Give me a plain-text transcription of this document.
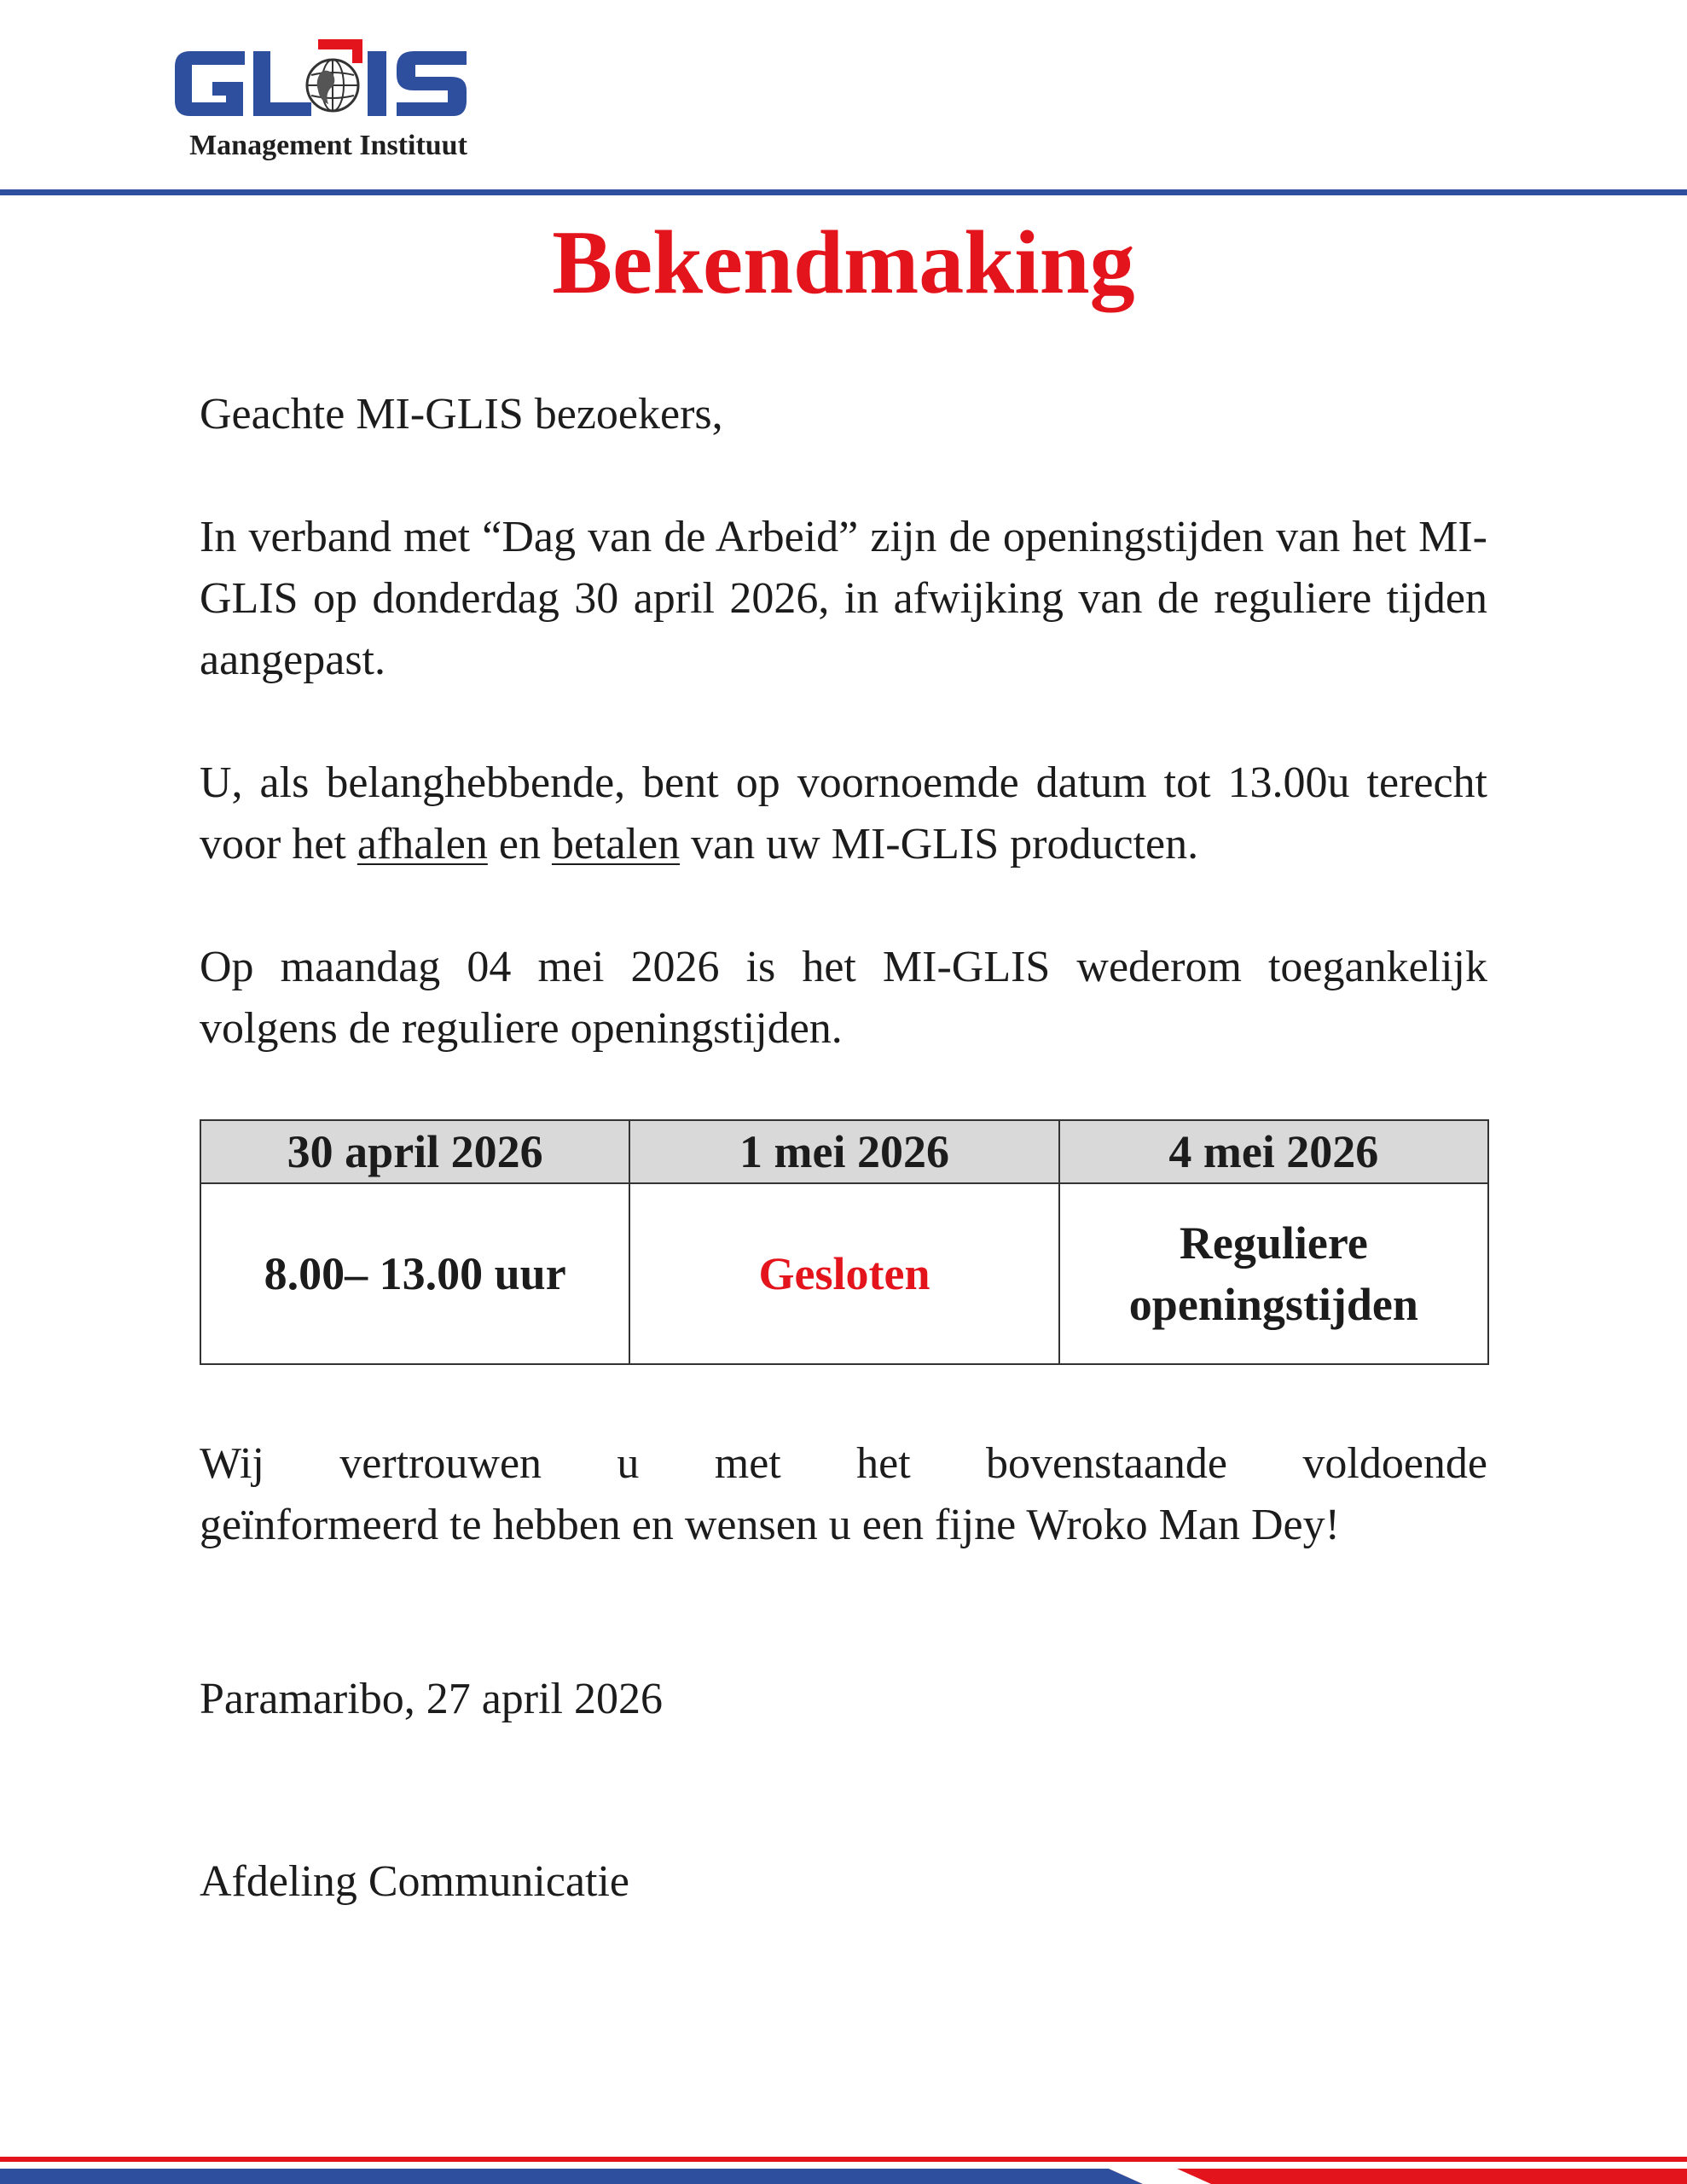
Management Instituut
Bekendmaking
Geachte MI-GLIS bezoekers,
In verband met “Dag van de Arbeid” zijn de openingstijden van het MI-GLIS op donderdag 30 april 2026, in afwijking van de reguliere tijden aangepast.
U, als belanghebbende, bent op voornoemde datum tot 13.00u terecht voor het afhalen en betalen van uw MI-GLIS producten.
Op maandag 04 mei 2026 is het MI-GLIS wederom toegankelijk volgens de reguliere openingstijden.
30 april 2026	1 mei 2026	4 mei 2026
8.00– 13.00 uur	Gesloten	Reguliere openingstijden
Wij vertrouwen u met het bovenstaande voldoende
geïnformeerd te hebben en wensen u een fijne Wroko Man Dey!
Paramaribo, 27 april 2026
Afdeling Communicatie
